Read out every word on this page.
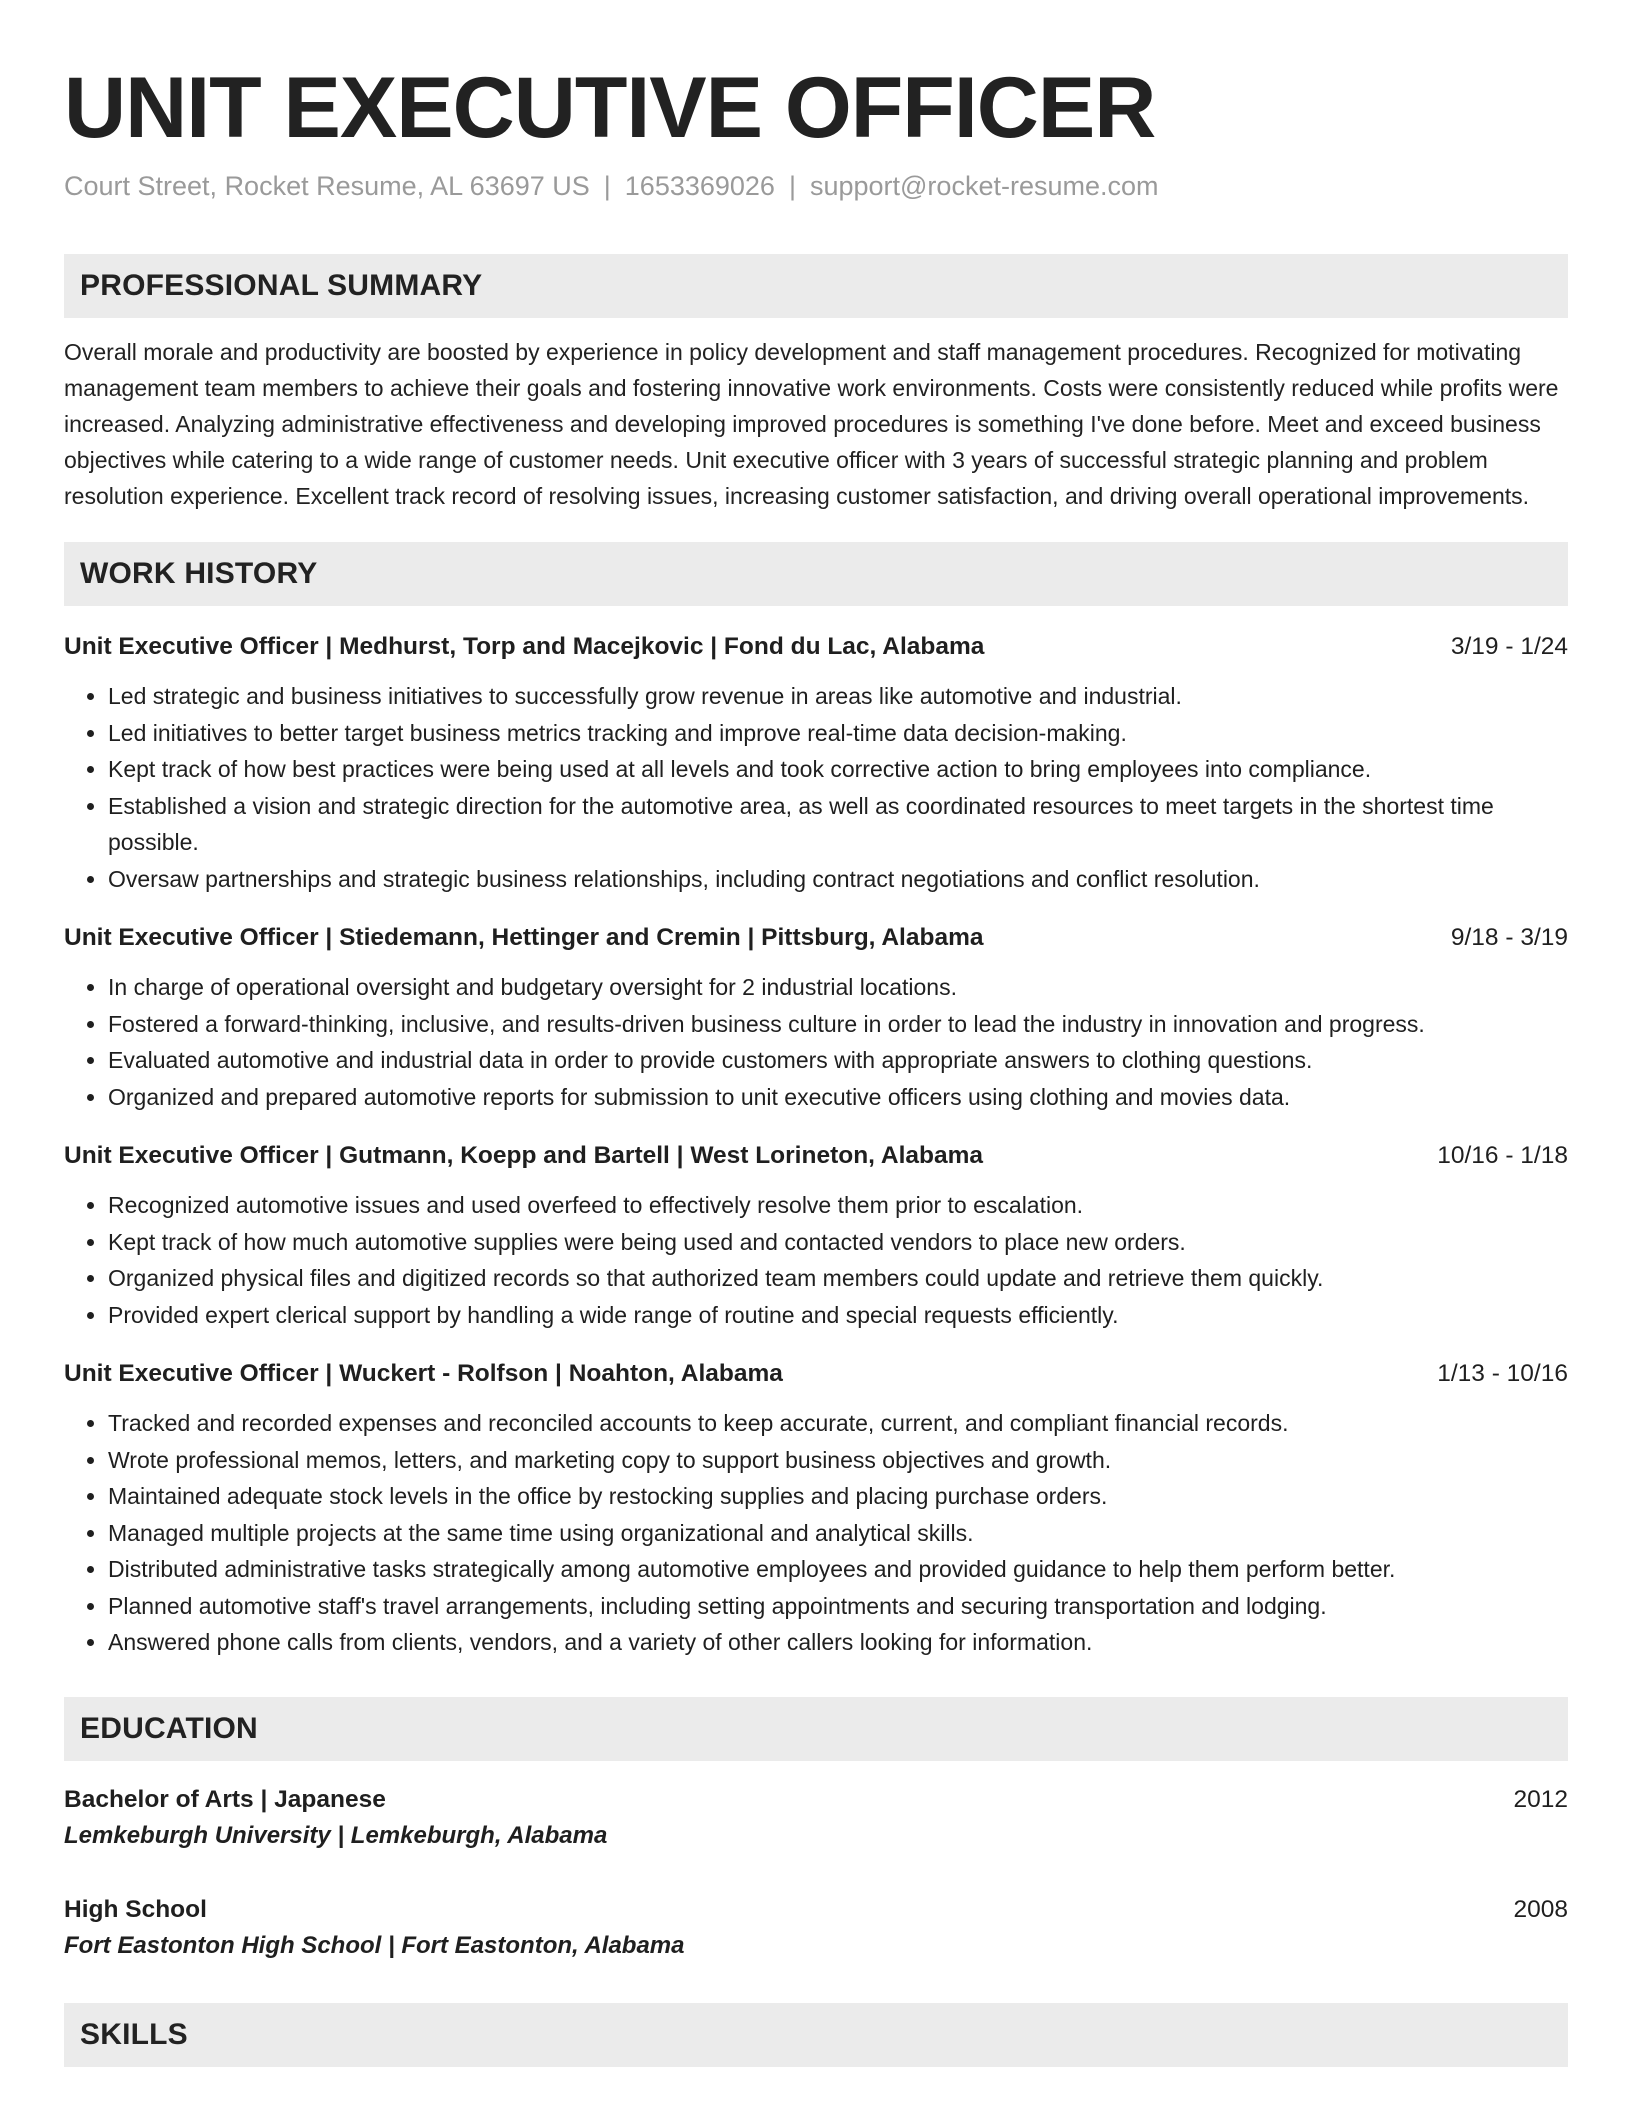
UNIT EXECUTIVE OFFICER
Court Street, Rocket Resume, AL 63697 US | 1653369026 | support@rocket-resume.com
PROFESSIONAL SUMMARY

Overall morale and productivity are boosted by experience in policy development and staff management procedures. Recognized for motivating management team members to achieve their goals and fostering innovative work environments. Costs were consistently reduced while profits were increased. Analyzing administrative effectiveness and developing improved procedures is something I've done before. Meet and exceed business objectives while catering to a wide range of customer needs. Unit executive officer with 3 years of successful strategic planning and problem resolution experience. Excellent track record of resolving issues, increasing customer satisfaction, and driving overall operational improvements.

WORK HISTORY
Unit Executive Officer | Medhurst, Torp and Macejkovic | Fond du Lac, Alabama	3/19 - 1/24
• Led strategic and business initiatives to successfully grow revenue in areas like automotive and industrial.
• Led initiatives to better target business metrics tracking and improve real-time data decision-making.
• Kept track of how best practices were being used at all levels and took corrective action to bring employees into compliance.
• Established a vision and strategic direction for the automotive area, as well as coordinated resources to meet targets in the shortest time possible.
• Oversaw partnerships and strategic business relationships, including contract negotiations and conflict resolution.
Unit Executive Officer | Stiedemann, Hettinger and Cremin | Pittsburg, Alabama	9/18 - 3/19
• In charge of operational oversight and budgetary oversight for 2 industrial locations.
• Fostered a forward-thinking, inclusive, and results-driven business culture in order to lead the industry in innovation and progress.
• Evaluated automotive and industrial data in order to provide customers with appropriate answers to clothing questions.
• Organized and prepared automotive reports for submission to unit executive officers using clothing and movies data.
Unit Executive Officer | Gutmann, Koepp and Bartell | West Lorineton, Alabama	10/16 - 1/18
• Recognized automotive issues and used overfeed to effectively resolve them prior to escalation.
• Kept track of how much automotive supplies were being used and contacted vendors to place new orders.
• Organized physical files and digitized records so that authorized team members could update and retrieve them quickly.
• Provided expert clerical support by handling a wide range of routine and special requests efficiently.
Unit Executive Officer | Wuckert - Rolfson | Noahton, Alabama	1/13 - 10/16
• Tracked and recorded expenses and reconciled accounts to keep accurate, current, and compliant financial records.
• Wrote professional memos, letters, and marketing copy to support business objectives and growth.
• Maintained adequate stock levels in the office by restocking supplies and placing purchase orders.
• Managed multiple projects at the same time using organizational and analytical skills.
• Distributed administrative tasks strategically among automotive employees and provided guidance to help them perform better.
• Planned automotive staff's travel arrangements, including setting appointments and securing transportation and lodging.
• Answered phone calls from clients, vendors, and a variety of other callers looking for information.
EDUCATION
Bachelor of Arts | Japanese	2012
Lemkeburgh University | Lemkeburgh, Alabama
High School	2008
Fort Eastonton High School | Fort Eastonton, Alabama
SKILLS
